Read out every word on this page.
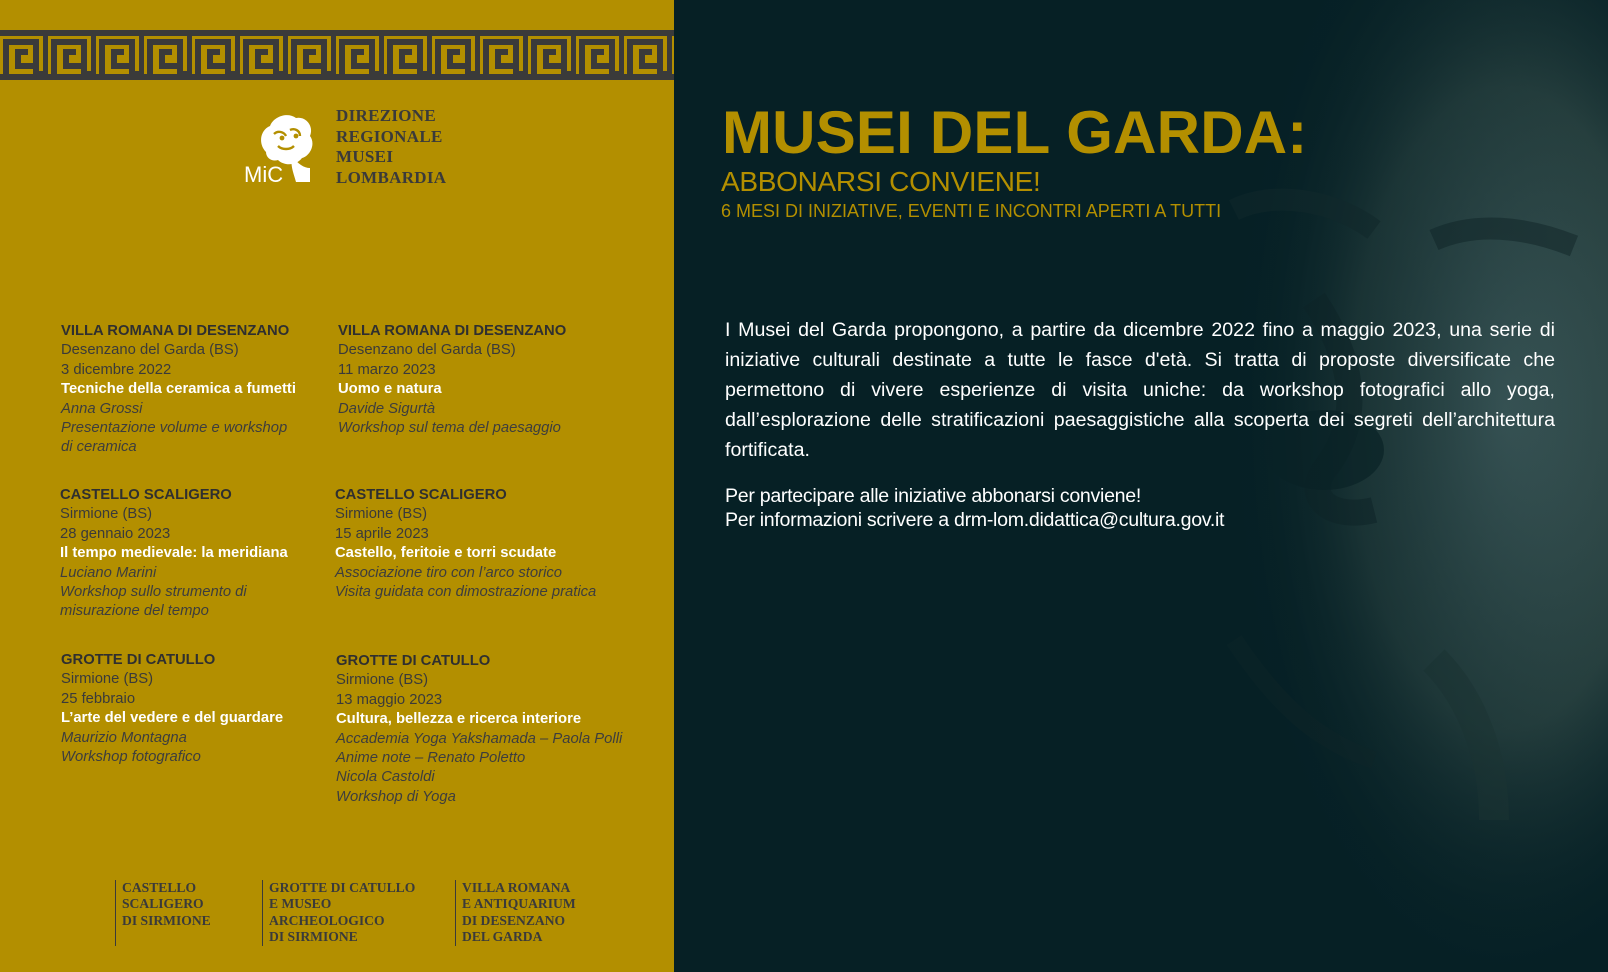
MiC
DIREZIONE
REGIONALE
MUSEI
LOMBARDIA
VILLA ROMANA DI DESENZANO
Desenzano del Garda (BS)
3 dicembre 2022
Tecniche della ceramica a fumetti
Anna Grossi
Presentazione volume e workshop
di ceramica
VILLA ROMANA DI DESENZANO
Desenzano del Garda (BS)
11 marzo 2023
Uomo e natura
Davide Sigurtà
Workshop sul tema del paesaggio
CASTELLO SCALIGERO
Sirmione (BS)
28 gennaio 2023
Il tempo medievale: la meridiana
Luciano Marini
Workshop sullo strumento di
misurazione del tempo
CASTELLO SCALIGERO
Sirmione (BS)
15 aprile 2023
Castello, feritoie e torri scudate
Associazione tiro con l’arco storico
Visita guidata con dimostrazione pratica
GROTTE DI CATULLO
Sirmione (BS)
25 febbraio
L’arte del vedere e del guardare
Maurizio Montagna
Workshop fotografico
GROTTE DI CATULLO
Sirmione (BS)
13 maggio 2023
Cultura, bellezza e ricerca interiore
Accademia Yoga Yakshamada – Paola Polli
Anime note – Renato Poletto
Nicola Castoldi
Workshop di Yoga
CASTELLO
SCALIGERO
DI SIRMIONE
GROTTE DI CATULLO
E MUSEO
ARCHEOLOGICO
DI SIRMIONE
VILLA ROMANA
E ANTIQUARIUM
DI DESENZANO
DEL GARDA
MUSEI DEL GARDA:
ABBONARSI CONVIENE!
6 MESI DI INIZIATIVE, EVENTI E INCONTRI APERTI A TUTTI

I Musei del Garda propongono, a partire da dicembre 2022 fino a maggio 2023, una serie di iniziative culturali destinate a tutte le fasce d'età. Si tratta di proposte diversificate che permettono di vivere esperienze di visita uniche: da workshop fotografici allo yoga, dall’esplorazione delle stratificazioni paesaggistiche alla scoperta dei segreti dell’architettura fortificata.

Per partecipare alle iniziative abbonarsi conviene!
Per informazioni scrivere a drm-lom.didattica@cultura.gov.it
